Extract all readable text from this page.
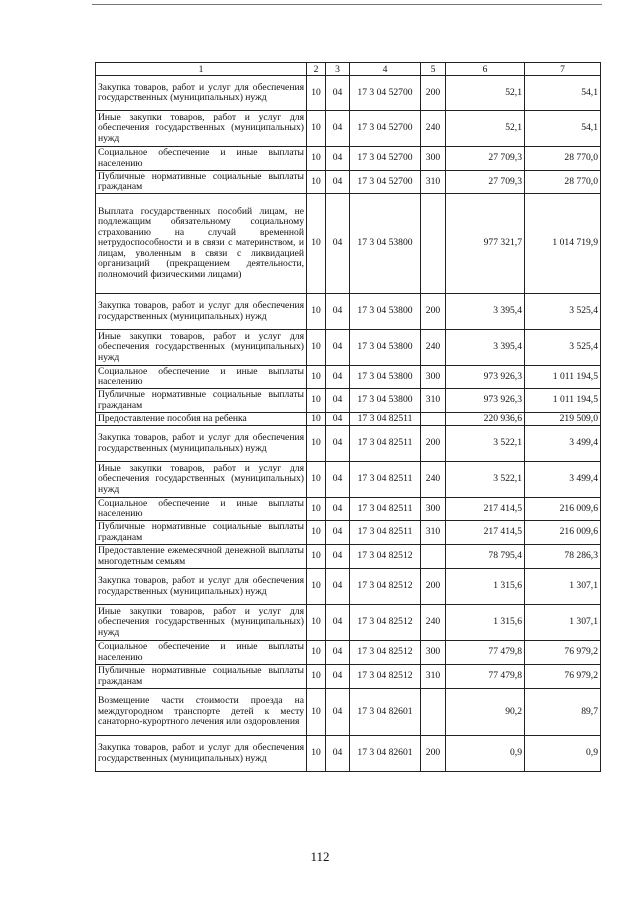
1	2	3	4	5	6	7
Закупка товаров, работ и услуг для обеспечения государственных (муниципальных) нужд	10	04	17 3 04 52700	200	52,1	54,1
Иные закупки товаров, работ и услуг для обеспечения государственных (муниципальных) нужд	10	04	17 3 04 52700	240	52,1	54,1
Социальное обеспечение и иные выплаты населению	10	04	17 3 04 52700	300	27 709,3	28 770,0
Публичные нормативные социальные выплаты гражданам	10	04	17 3 04 52700	310	27 709,3	28 770,0
Выплата государственных пособий лицам, не подлежащим обязательному социальному страхованию на случай временной нетрудоспособности и в связи с материнством, и лицам, уволенным в связи с ликвидацией организаций (прекращением деятельности, полномочий физическими лицами)	10	04	17 3 04 53800		977 321,7	1 014 719,9
Закупка товаров, работ и услуг для обеспечения государственных (муниципальных) нужд	10	04	17 3 04 53800	200	3 395,4	3 525,4
Иные закупки товаров, работ и услуг для обеспечения государственных (муниципальных) нужд	10	04	17 3 04 53800	240	3 395,4	3 525,4
Социальное обеспечение и иные выплаты населению	10	04	17 3 04 53800	300	973 926,3	1 011 194,5
Публичные нормативные социальные выплаты гражданам	10	04	17 3 04 53800	310	973 926,3	1 011 194,5
Предоставление пособия на ребенка	10	04	17 3 04 82511		220 936,6	219 509,0
Закупка товаров, работ и услуг для обеспечения государственных (муниципальных) нужд	10	04	17 3 04 82511	200	3 522,1	3 499,4
Иные закупки товаров, работ и услуг для обеспечения государственных (муниципальных) нужд	10	04	17 3 04 82511	240	3 522,1	3 499,4
Социальное обеспечение и иные выплаты населению	10	04	17 3 04 82511	300	217 414,5	216 009,6
Публичные нормативные социальные выплаты гражданам	10	04	17 3 04 82511	310	217 414,5	216 009,6
Предоставление ежемесячной денежной выплаты многодетным семьям	10	04	17 3 04 82512		78 795,4	78 286,3
Закупка товаров, работ и услуг для обеспечения государственных (муниципальных) нужд	10	04	17 3 04 82512	200	1 315,6	1 307,1
Иные закупки товаров, работ и услуг для обеспечения государственных (муниципальных) нужд	10	04	17 3 04 82512	240	1 315,6	1 307,1
Социальное обеспечение и иные выплаты населению	10	04	17 3 04 82512	300	77 479,8	76 979,2
Публичные нормативные социальные выплаты гражданам	10	04	17 3 04 82512	310	77 479,8	76 979,2
Возмещение части стоимости проезда на междугородном транспорте детей к месту санаторно-курортного лечения или оздоровления	10	04	17 3 04 82601		90,2	89,7
Закупка товаров, работ и услуг для обеспечения государственных (муниципальных) нужд	10	04	17 3 04 82601	200	0,9	0,9
112
